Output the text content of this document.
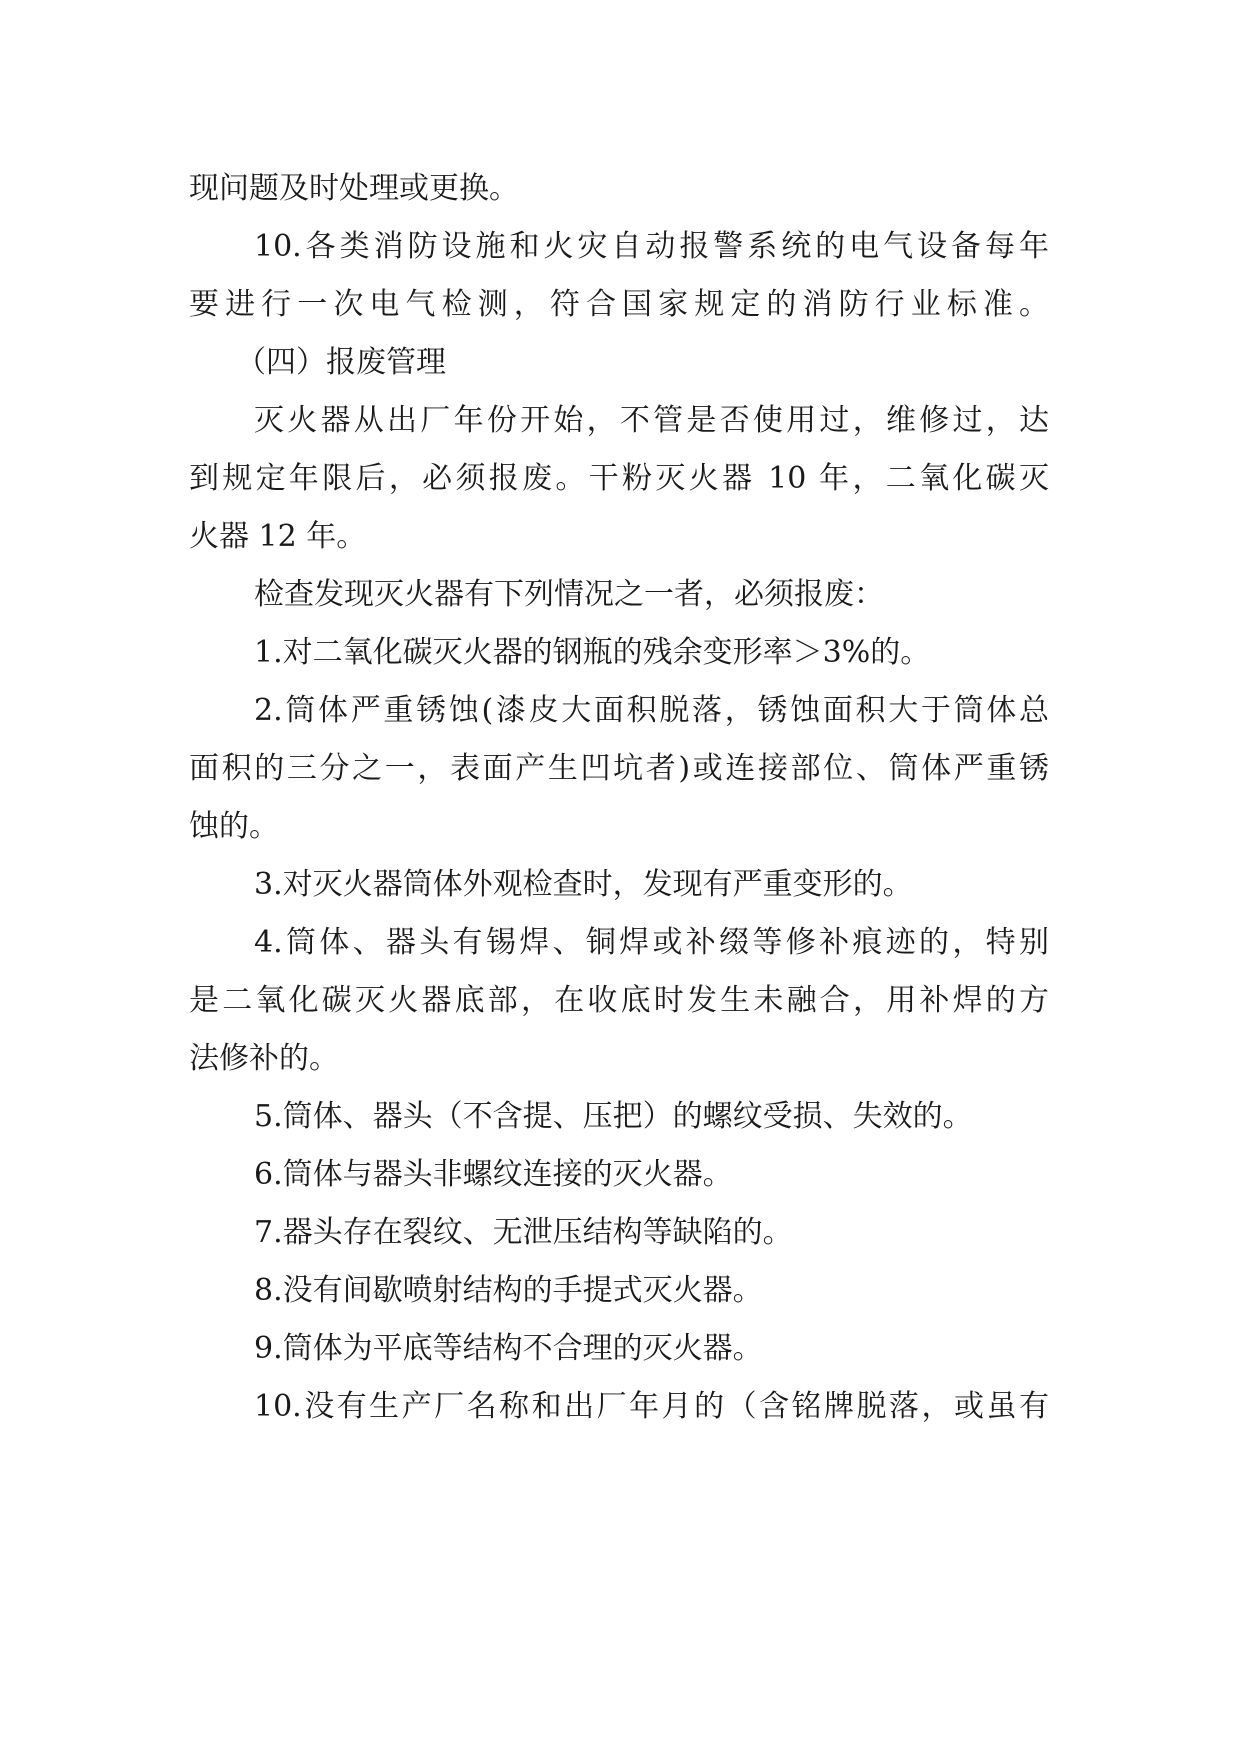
现问题及时处理或更换。
10.各类消防设施和火灾自动报警系统的电气设备每年
要进行一次电气检测，符合国家规定的消防行业标准。
（四）报废管理
灭火器从出厂年份开始，不管是否使用过，维修过，达
到规定年限后，必须报废。干粉灭火器 10 年，二氧化碳灭
火器 12 年。
检查发现灭火器有下列情况之一者，必须报废：
1.对二氧化碳灭火器的钢瓶的残余变形率＞3%的。
2.筒体严重锈蚀(漆皮大面积脱落，锈蚀面积大于筒体总
面积的三分之一，表面产生凹坑者)或连接部位、筒体严重锈
蚀的。
3.对灭火器筒体外观检查时，发现有严重变形的。
4.筒体、器头有锡焊、铜焊或补缀等修补痕迹的，特别
是二氧化碳灭火器底部，在收底时发生未融合，用补焊的方
法修补的。
5.筒体、器头（不含提、压把）的螺纹受损、失效的。
6.筒体与器头非螺纹连接的灭火器。
7.器头存在裂纹、无泄压结构等缺陷的。
8.没有间歇喷射结构的手提式灭火器。
9.筒体为平底等结构不合理的灭火器。
10.没有生产厂名称和出厂年月的（含铭牌脱落，或虽有
